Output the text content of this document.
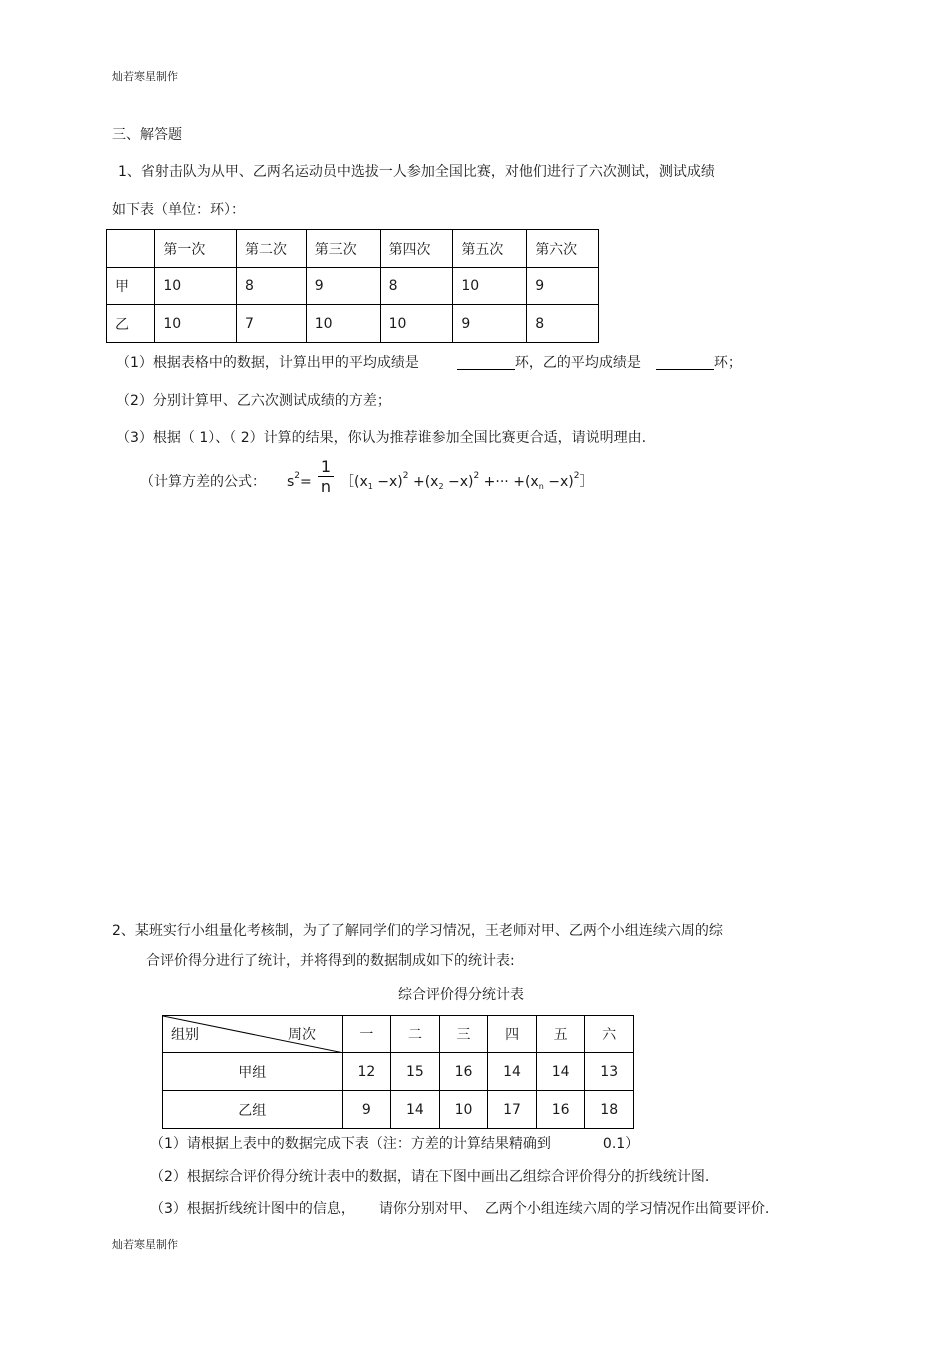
灿若寒星制作
三、解答题
1、省射击队为从甲、乙两名运动员中选拔一人参加全国比赛，对他们进行了六次测试，测试成绩
如下表（单位：环）：
	第一次	第二次	第三次	第四次	第五次	第六次
甲	10	8	9	8	10	9
乙	10	7	10	10	9	8
（1）根据表格中的数据，计算出甲的平均成绩是	环，乙的平均成绩是	环；
（2）分别计算甲、乙六次测试成绩的方差；
（3）根据（ 1）、（ 2）计算的结果，你认为推荐谁参加全国比赛更合适，请说明理由.
（计算方差的公式： $s^2= \frac{1}{n}$ $[(x_1 -x)^2 +(x_2 -x)^2$ +··· $+(x_n$ $-x)^2]$
2、某班实行小组量化考核制，为了了解同学们的学习情况，王老师对甲、乙两个小组连续六周的综
合评价得分进行了统计，并将得到的数据制成如下的统计表:
综合评价得分统计表
组别 周次	一	二	三	四	五	六
甲组	12	15	16	14	14	13
乙组	9	14	10	17	16	18
（1）请根据上表中的数据完成下表（注：方差的计算结果精确到	0.1）
（2）根据综合评价得分统计表中的数据，请在下图中画出乙组综合评价得分的折线统计图.
（3）根据折线统计图中的信息， 请你分别对甲、 乙两个小组连续六周的学习情况作出简要评价.
灿若寒星制作
